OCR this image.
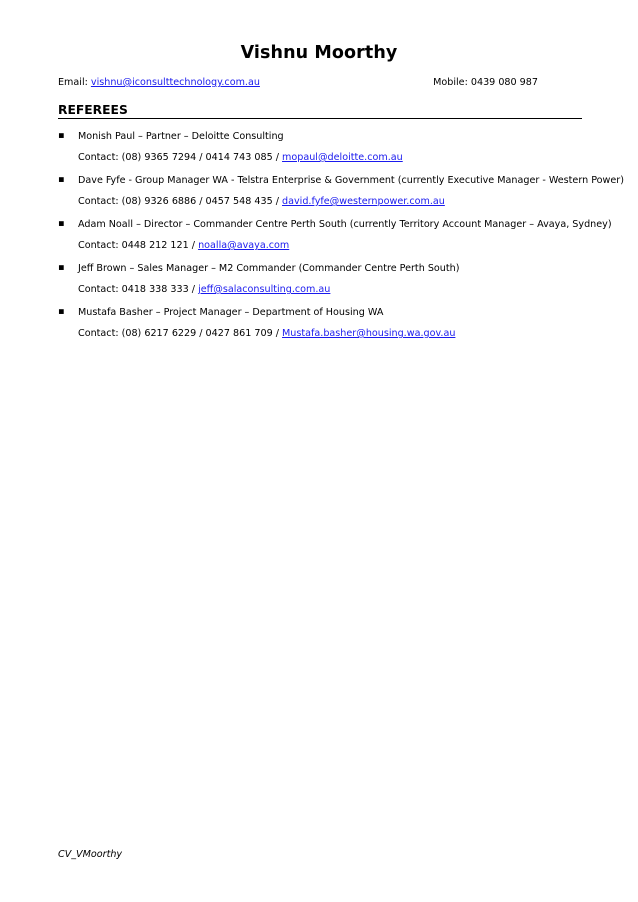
Vishnu Moorthy
Email: vishnu@iconsulttechnology.com.au	Mobile: 0439 080 987
REFEREES
▪ Monish Paul – Partner – Deloitte Consulting
Contact: (08) 9365 7294 / 0414 743 085 / mopaul@deloitte.com.au
▪ Dave Fyfe - Group Manager WA - Telstra Enterprise & Government (currently Executive Manager - Western Power)
Contact: (08) 9326 6886 / 0457 548 435 / david.fyfe@westernpower.com.au
▪ Adam Noall – Director – Commander Centre Perth South (currently Territory Account Manager – Avaya, Sydney)
Contact: 0448 212 121 / noalla@avaya.com
▪ Jeff Brown – Sales Manager – M2 Commander (Commander Centre Perth South)
Contact: 0418 338 333 / jeff@salaconsulting.com.au
▪ Mustafa Basher – Project Manager – Department of Housing WA
Contact: (08) 6217 6229 / 0427 861 709 / Mustafa.basher@housing.wa.gov.au
CV_VMoorthy
